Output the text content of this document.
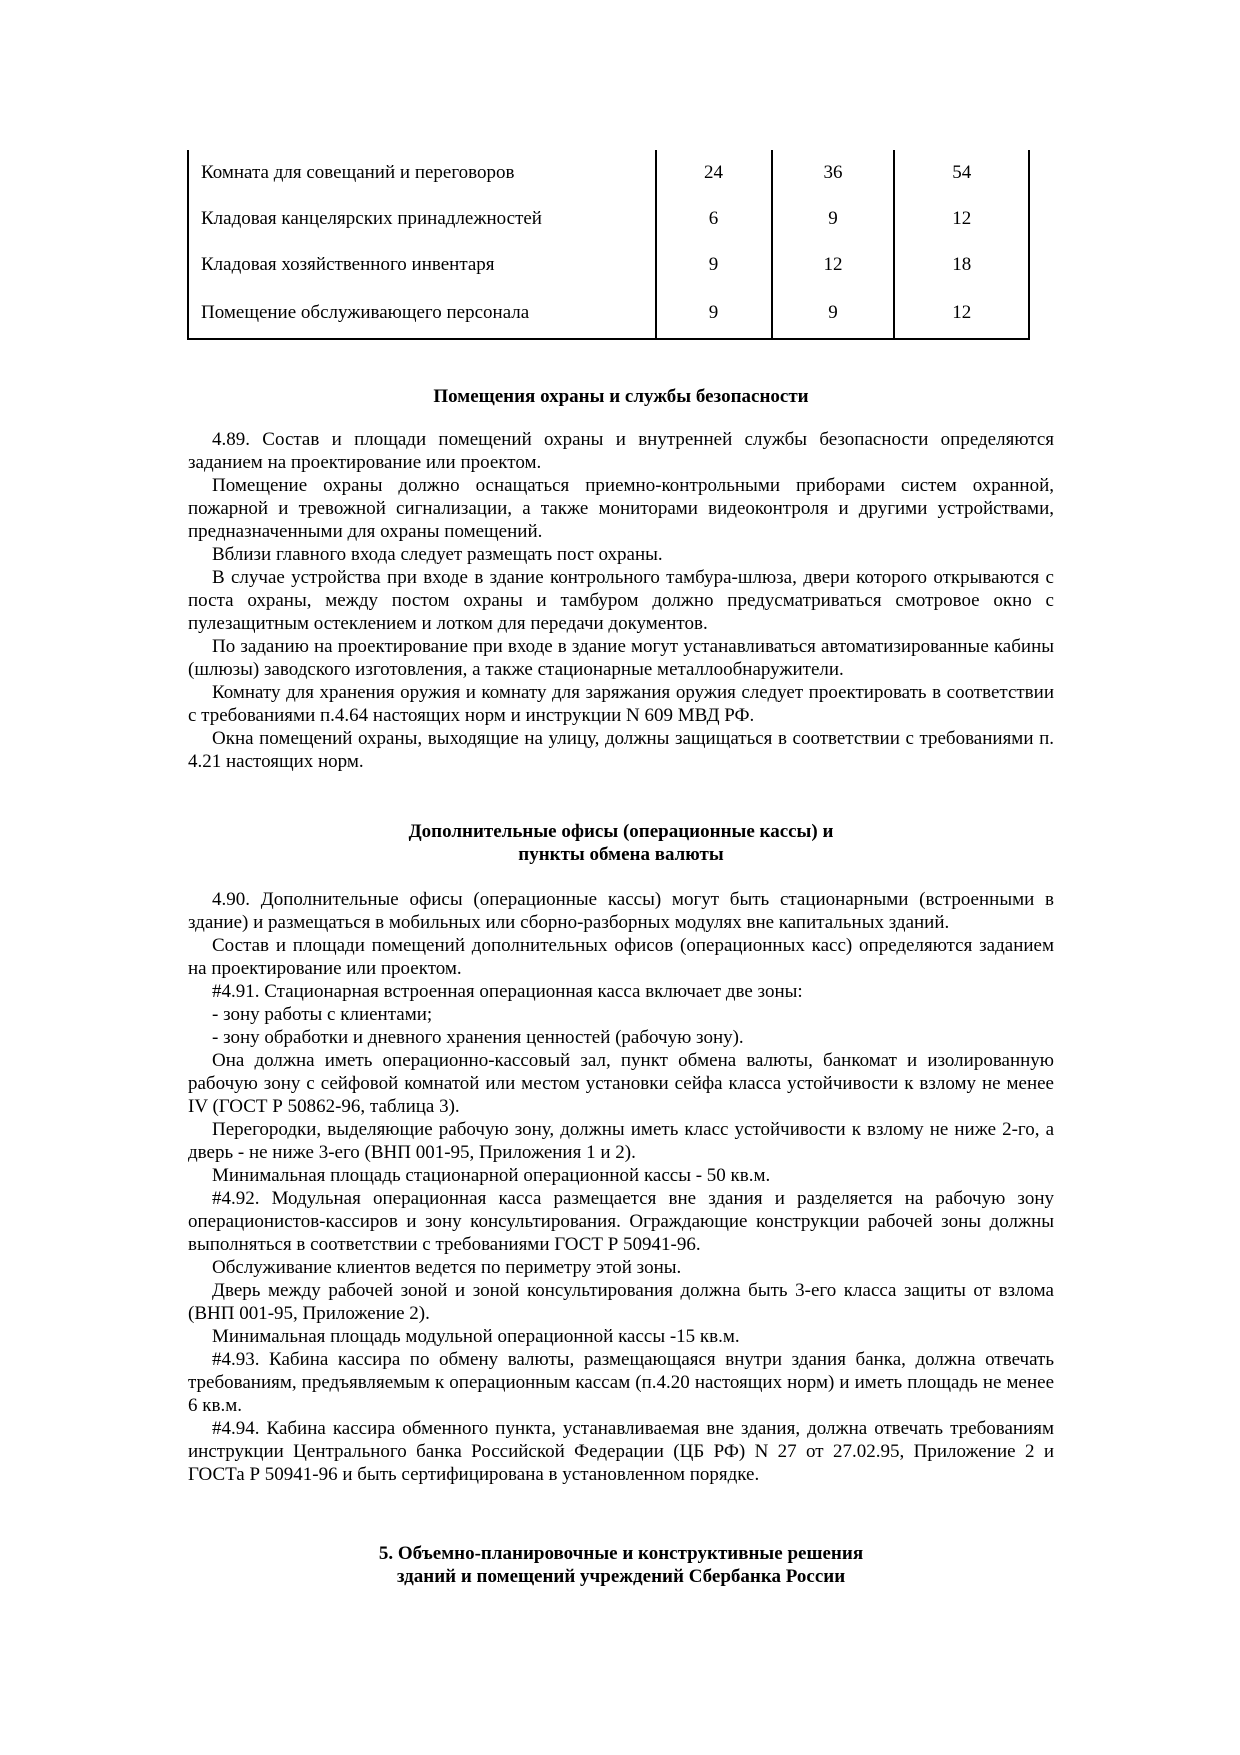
Комната для совещаний и переговоров	24	36	54
Кладовая канцелярских принадлежностей	6	9	12
Кладовая хозяйственного инвентаря	9	12	18
Помещение обслуживающего персонала	9	9	12
Помещения охраны и службы безопасности

4.89. Состав и площади помещений охраны и внутренней службы безопасности определяются заданием на проектирование или проектом.

Помещение охраны должно оснащаться приемно-контрольными приборами систем охранной, пожарной и тревожной сигнализации, а также мониторами видеоконтроля и другими устройствами, предназначенными для охраны помещений.

Вблизи главного входа следует размещать пост охраны.

В случае устройства при входе в здание контрольного тамбура-шлюза, двери которого открываются с поста охраны, между постом охраны и тамбуром должно предусматриваться смотровое окно с пулезащитным остеклением и лотком для передачи документов.

По заданию на проектирование при входе в здание могут устанавливаться автоматизированные кабины (шлюзы) заводского изготовления, а также стационарные металлообнаружители.

Комнату для хранения оружия и комнату для заряжания оружия следует проектировать в соответствии с требованиями п.4.64 настоящих норм и инструкции N 609 МВД РФ.

Окна помещений охраны, выходящие на улицу, должны защищаться в соответствии с требованиями п. 4.21 настоящих норм.

Дополнительные офисы (операционные кассы) и
пункты обмена валюты

4.90. Дополнительные офисы (операционные кассы) могут быть стационарными (встроенными в здание) и размещаться в мобильных или сборно-разборных модулях вне капитальных зданий.

Состав и площади помещений дополнительных офисов (операционных касс) определяются заданием на проектирование или проектом.

#4.91. Стационарная встроенная операционная касса включает две зоны:

- зону работы с клиентами;

- зону обработки и дневного хранения ценностей (рабочую зону).

Она должна иметь операционно-кассовый зал, пункт обмена валюты, банкомат и изолированную рабочую зону с сейфовой комнатой или местом установки сейфа класса устойчивости к взлому не менее IV (ГОСТ Р 50862-96, таблица 3).

Перегородки, выделяющие рабочую зону, должны иметь класс устойчивости к взлому не ниже 2-го, а дверь - не ниже 3-его (ВНП 001-95, Приложения 1 и 2).

Минимальная площадь стационарной операционной кассы - 50 кв.м.

#4.92. Модульная операционная касса размещается вне здания и разделяется на рабочую зону операционистов-кассиров и зону консультирования. Ограждающие конструкции рабочей зоны должны выполняться в соответствии с требованиями ГОСТ Р 50941-96.

Обслуживание клиентов ведется по периметру этой зоны.

Дверь между рабочей зоной и зоной консультирования должна быть 3-его класса защиты от взлома (ВНП 001-95, Приложение 2).

Минимальная площадь модульной операционной кассы -15 кв.м.

#4.93. Кабина кассира по обмену валюты, размещающаяся внутри здания банка, должна отвечать требованиям, предъявляемым к операционным кассам (п.4.20 настоящих норм) и иметь площадь не менее 6 кв.м.

#4.94. Кабина кассира обменного пункта, устанавливаемая вне здания, должна отвечать требованиям инструкции Центрального банка Российской Федерации (ЦБ РФ) N 27 от 27.02.95, Приложение 2 и ГОСТа Р 50941-96 и быть сертифицирована в установленном порядке.

5. Объемно-планировочные и конструктивные решения
зданий и помещений учреждений Сбербанка России
